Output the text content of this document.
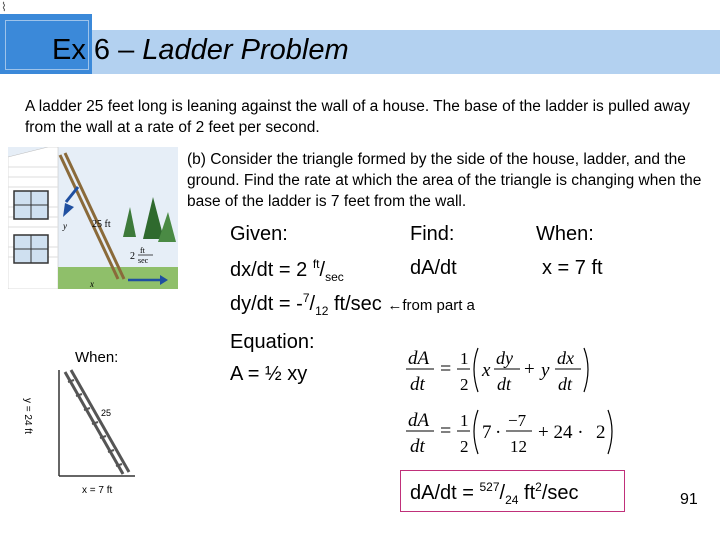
⌇
Ex 6 – Ladder Problem
A ladder 25 feet long is leaning against the wall of a house. The base of the ladder is pulled away from the wall at a rate of 2 feet per second.
(b) Consider the triangle formed by the side of the house, ladder, and the ground. Find the rate at which the area of the triangle is changing when the base of the ladder is 7 feet from the wall.
25 ft
y
2
ft
sec
x
Given:	Find:	When:
dx/dt = 2 $^{ft}/_{sec}$	dA/dt	x = 7 ft
$dy/dt = -^7/_{12}$ ft/sec ←from part a
Equation:
A = ½ xy
dA
dt
= 1
2
x
dy
dt
+ y
dx
dt
dA
dt
= 1
2
7 ·
−7
12
+ 24 · 2
When:
25
y = 24 ft
x = 7 ft	$dA/dt = ^{527}/_{24}$ $ft^2/\sec$	91
